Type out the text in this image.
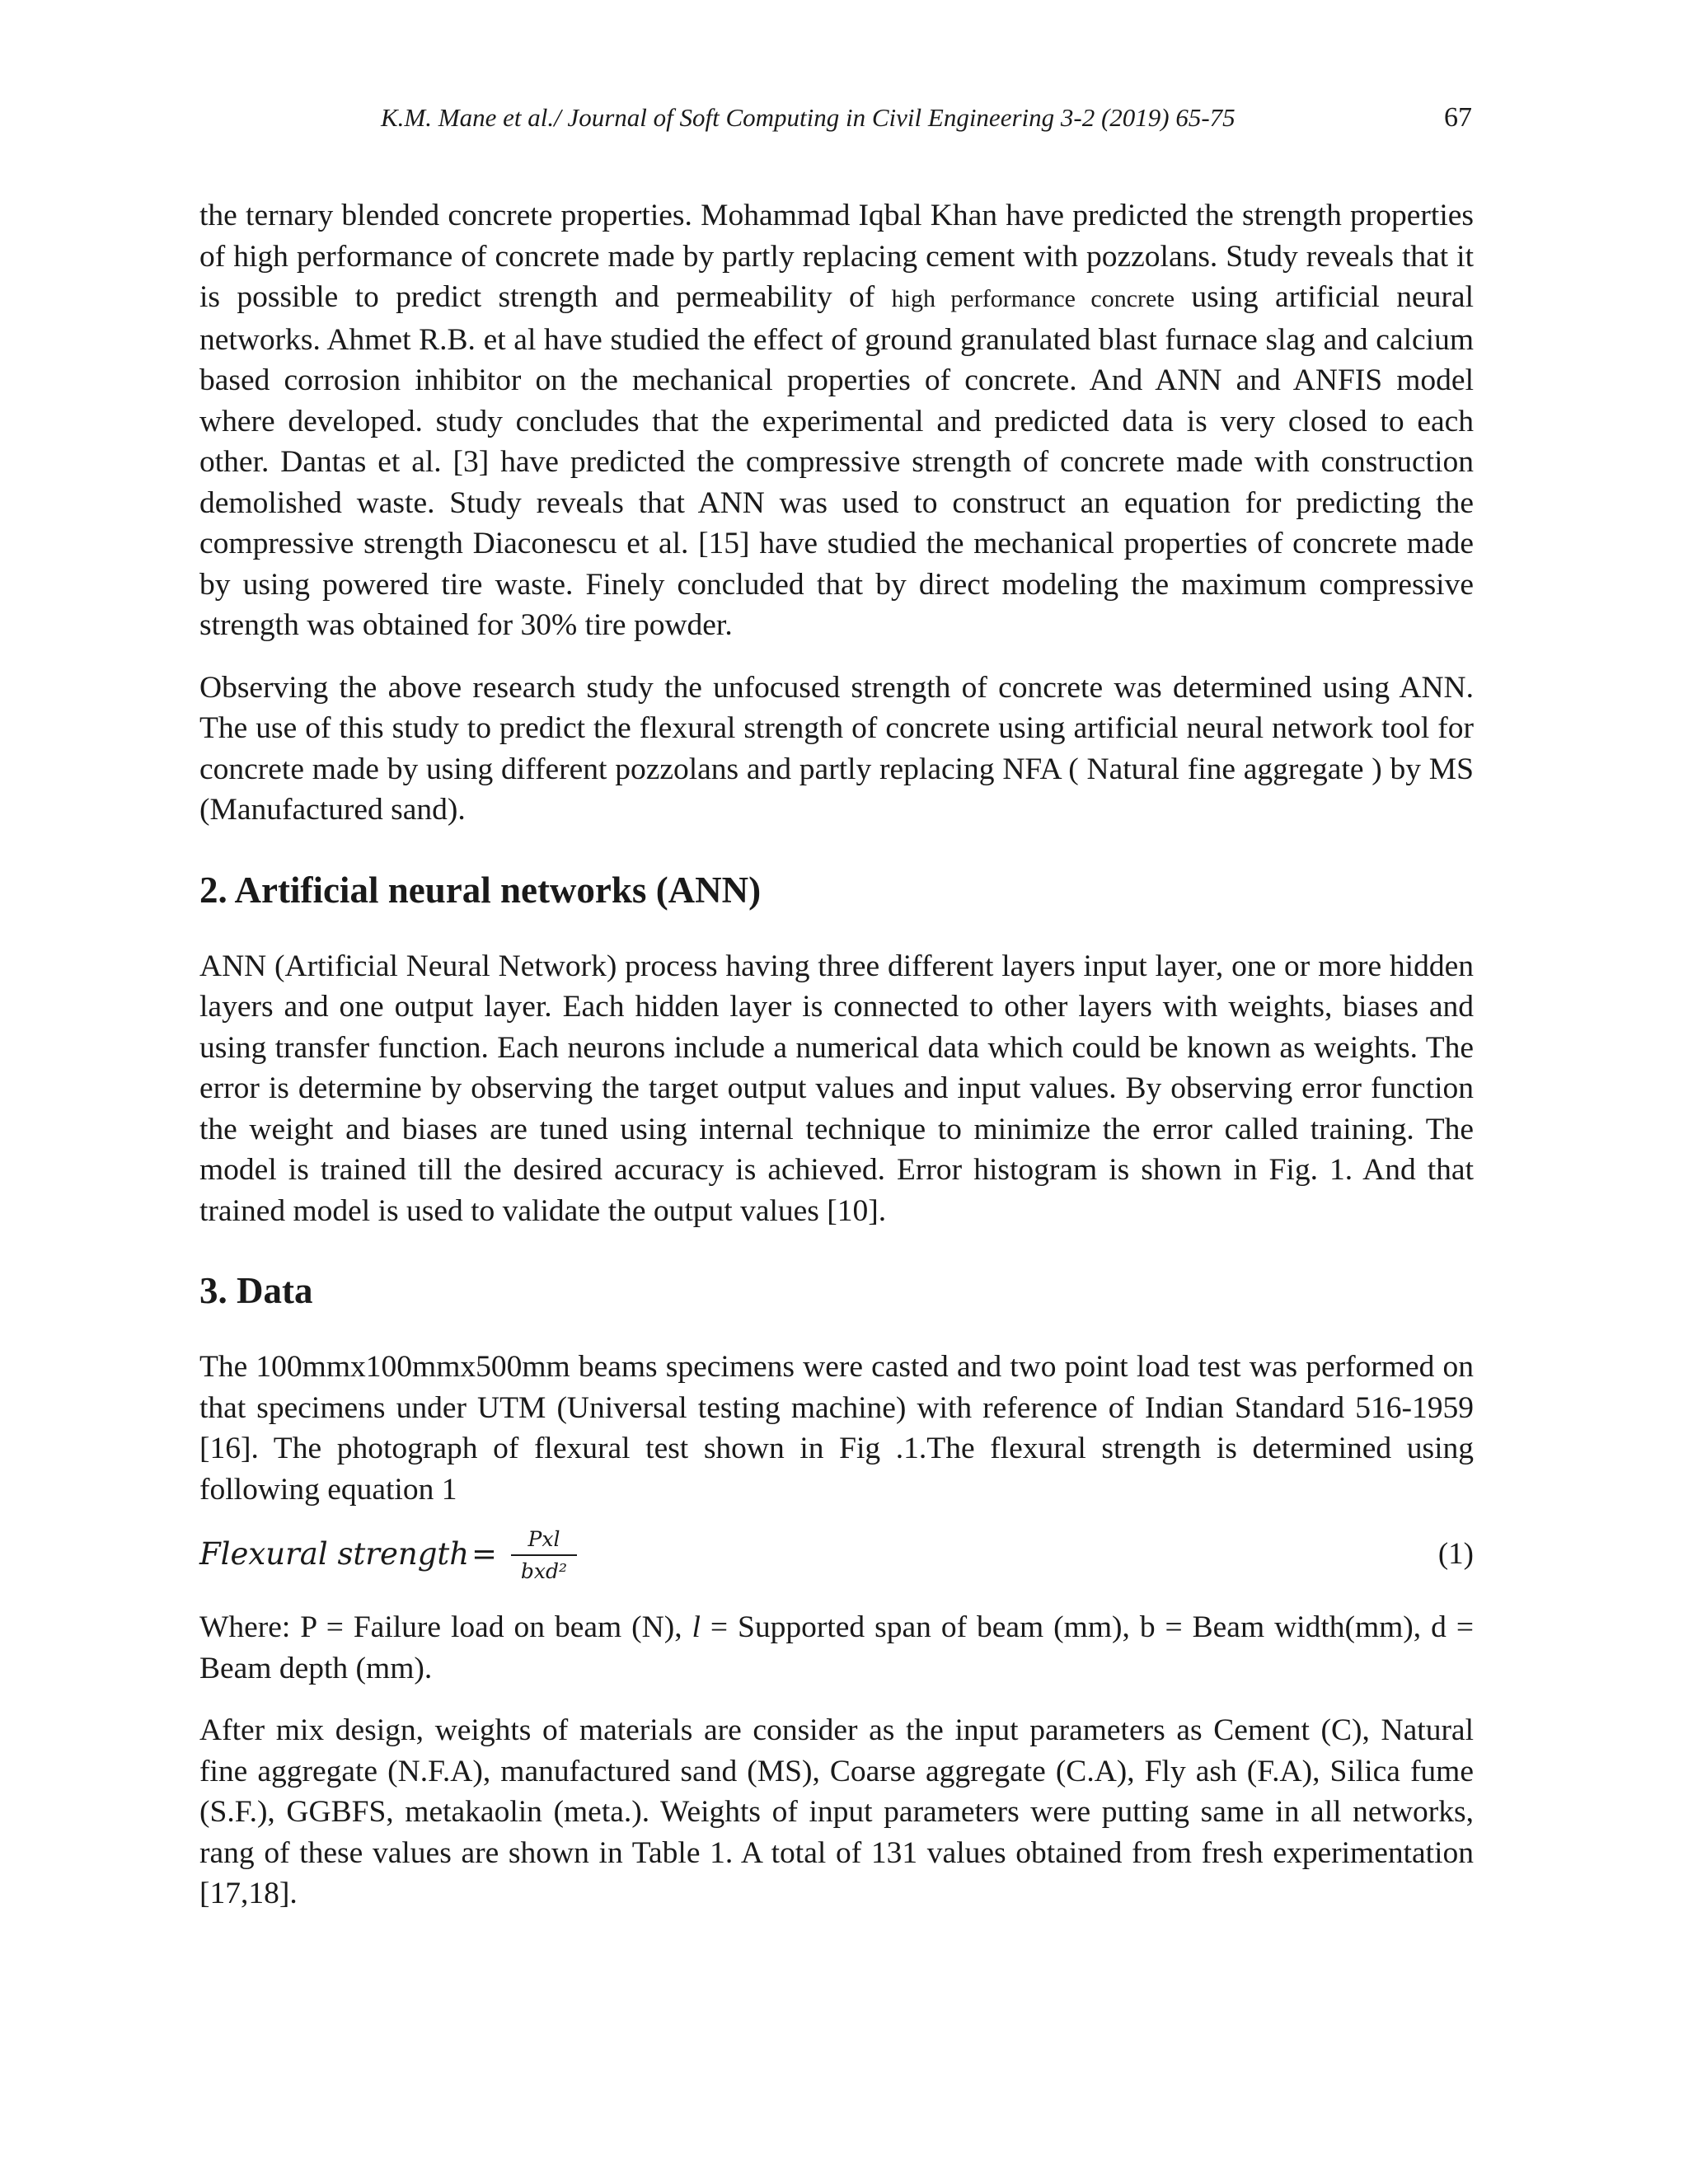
K.M. Mane et al./ Journal of Soft Computing in Civil Engineering 3-2 (2019) 65-75	67

the ternary blended concrete properties. Mohammad Iqbal Khan have predicted the strength properties of high performance of concrete made by partly replacing cement with pozzolans. Study reveals that it is possible to predict strength and permeability of high performance concrete using artificial neural networks. Ahmet R.B. et al have studied the effect of ground granulated blast furnace slag and calcium based corrosion inhibitor on the mechanical properties of concrete. And ANN and ANFIS model where developed. study concludes that the experimental and predicted data is very closed to each other. Dantas et al. [3] have predicted the compressive strength of concrete made with construction demolished waste. Study reveals that ANN was used to construct an equation for predicting the compressive strength Diaconescu et al. [15] have studied the mechanical properties of concrete made by using powered tire waste. Finely concluded that by direct modeling the maximum compressive strength was obtained for 30% tire powder.

Observing the above research study the unfocused strength of concrete was determined using ANN. The use of this study to predict the flexural strength of concrete using artificial neural network tool for concrete made by using different pozzolans and partly replacing NFA ( Natural fine aggregate ) by MS (Manufactured sand).

2. Artificial neural networks (ANN)

ANN (Artificial Neural Network) process having three different layers input layer, one or more hidden layers and one output layer. Each hidden layer is connected to other layers with weights, biases and using transfer function. Each neurons include a numerical data which could be known as weights. The error is determine by observing the target output values and input values. By observing error function the weight and biases are tuned using internal technique to minimize the error called training. The model is trained till the desired accuracy is achieved. Error histogram is shown in Fig. 1. And that trained model is used to validate the output values [10].

3. Data

The 100mmx100mmx500mm beams specimens were casted and two point load test was performed on that specimens under UTM (Universal testing machine) with reference of Indian Standard 516-1959 [16]. The photograph of flexural test shown in Fig .1.The flexural strength is determined using following equation 1

Flexural strength =	Pxl
bxd²
(1)

Where: P = Failure load on beam (N), l = Supported span of beam (mm), b = Beam width(mm), d = Beam depth (mm).

After mix design, weights of materials are consider as the input parameters as Cement (C), Natural fine aggregate (N.F.A), manufactured sand (MS), Coarse aggregate (C.A), Fly ash (F.A), Silica fume (S.F.), GGBFS, metakaolin (meta.). Weights of input parameters were putting same in all networks, rang of these values are shown in Table 1. A total of 131 values obtained from fresh experimentation [17,18].
